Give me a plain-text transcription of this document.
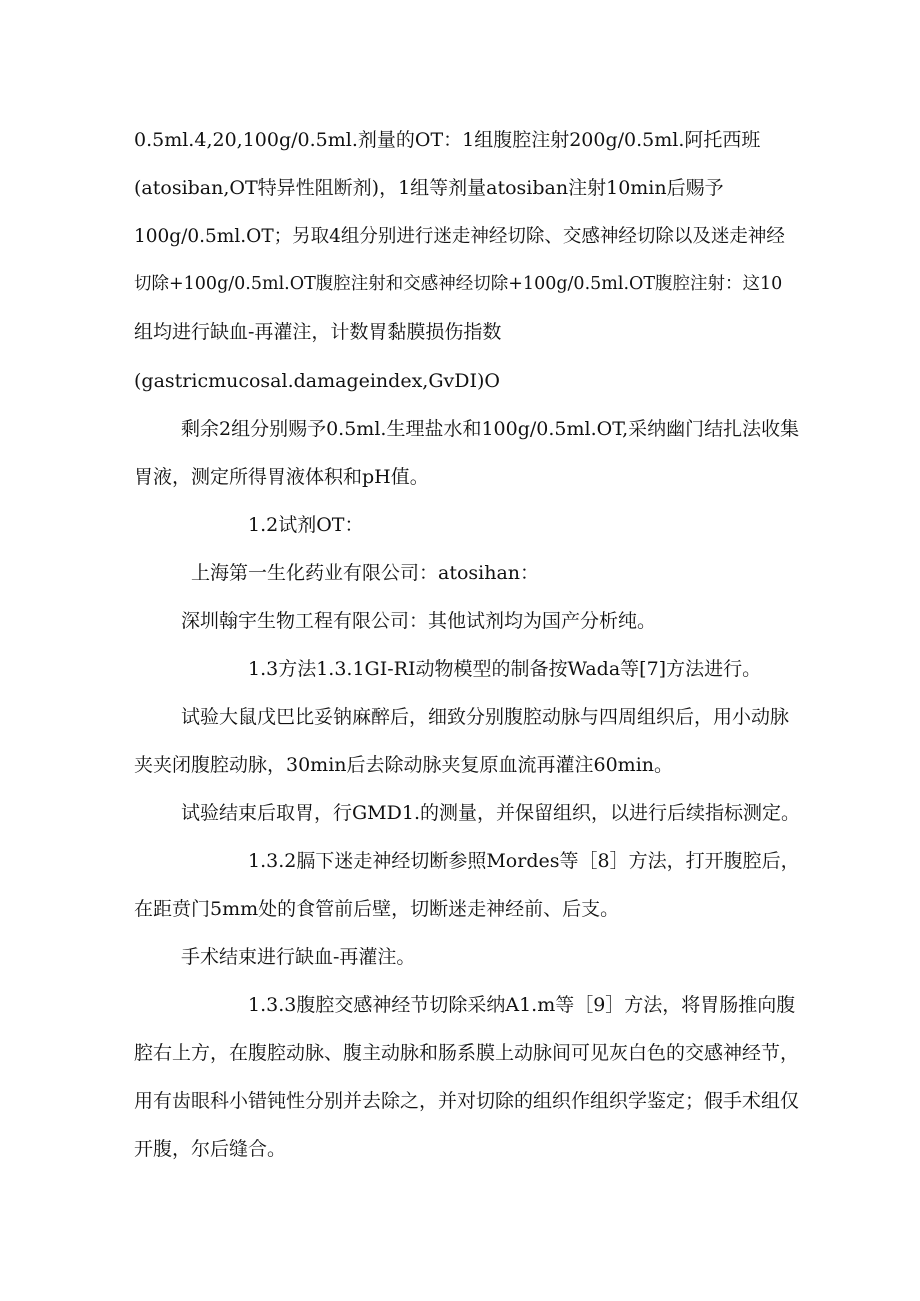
0.5ml.4,20,100g/0.5ml.剂量的OT：1组腹腔注射200g/0.5ml.阿托西班
(atosiban,OT特异性阻断剂)，1组等剂量atosiban注射10min后赐予
100g/0.5ml.OT；另取4组分别进行迷走神经切除、交感神经切除以及迷走神经
切除+100g/0.5ml.OT腹腔注射和交感神经切除+100g/0.5ml.OT腹腔注射：这10
组均进行缺血-再灌注，计数胃黏膜损伤指数
(gastricmucosal.damageindex,GvDI)O
剩余2组分别赐予0.5ml.生理盐水和100g/0.5ml.OT,采纳幽门结扎法收集
胃液，测定所得胃液体积和pH值。
1.2试剂OT：
上海第一生化药业有限公司：atosihan：
深圳翰宇生物工程有限公司：其他试剂均为国产分析纯。
1.3方法1.3.1GI-RI动物模型的制备按Wada等[7]方法进行。
试验大鼠戊巴比妥钠麻醉后，细致分别腹腔动脉与四周组织后，用小动脉
夹夹闭腹腔动脉，30min后去除动脉夹复原血流再灌注60min。
试验结束后取胃，行GMD1.的测量，并保留组织，以进行后续指标测定。
1.3.2膈下迷走神经切断参照Mordes等［8］方法，打开腹腔后，
在距贲门5mm处的食管前后壁，切断迷走神经前、后支。
手术结束进行缺血-再灌注。
1.3.3腹腔交感神经节切除采纳A1.m等［9］方法，将胃肠推向腹
腔右上方，在腹腔动脉、腹主动脉和肠系膜上动脉间可见灰白色的交感神经节，
用有齿眼科小错钝性分别并去除之，并对切除的组织作组织学鉴定；假手术组仅
开腹，尔后缝合。
